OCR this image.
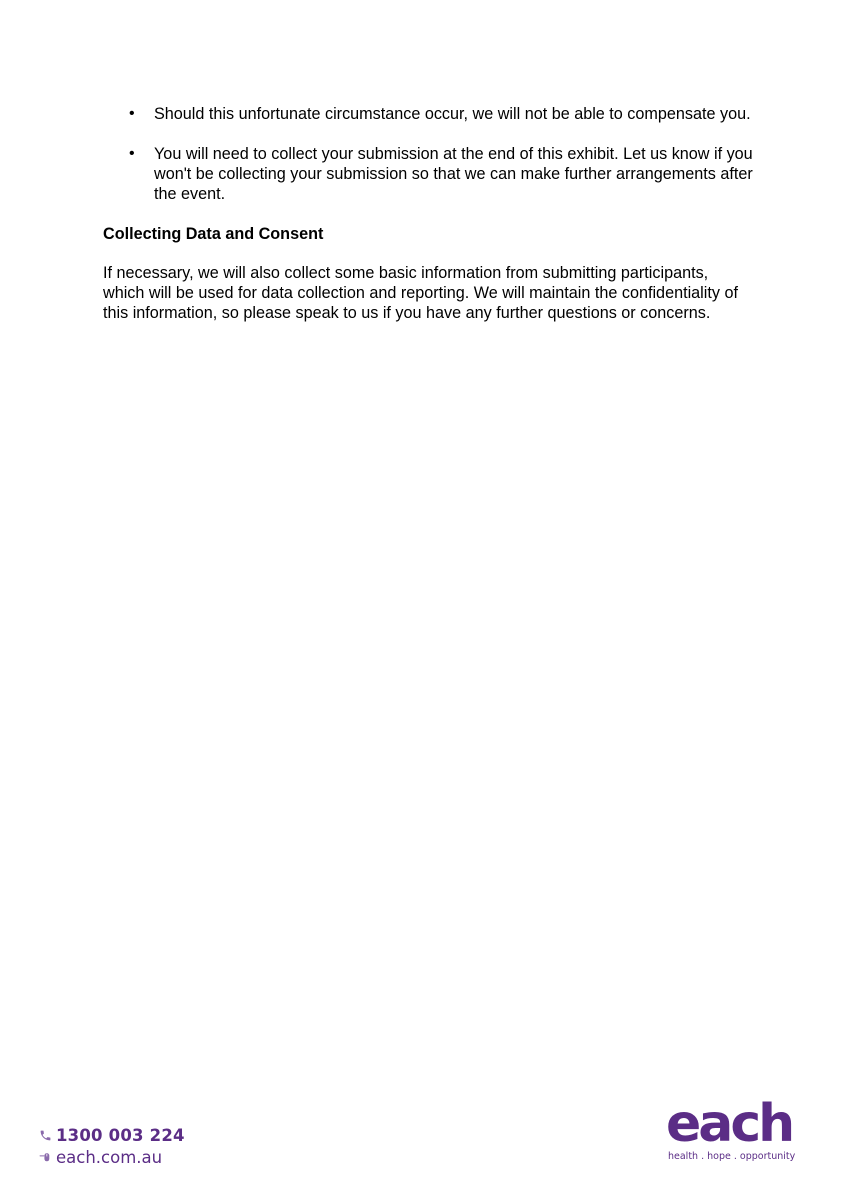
• Should this unfortunate circumstance occur, we will not be able to compensate you.
• You will need to collect your submission at the end of this exhibit. Let us know if you won't be collecting your submission so that we can make further arrangements after the event.
Collecting Data and Consent

If necessary, we will also collect some basic information from submitting participants, which will be used for data collection and reporting. We will maintain the confidentiality of this information, so please speak to us if you have any further questions or concerns.

1300 003 224
each.com.au
each
health . hope . opportunity
